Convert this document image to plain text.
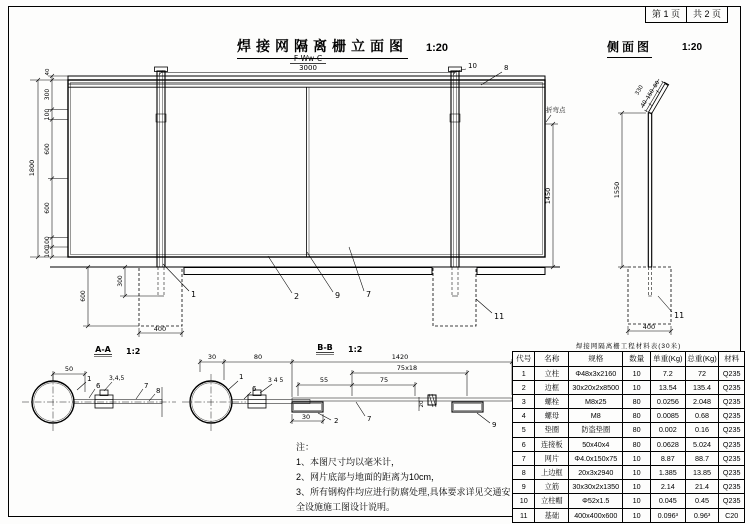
第 1 页	共 2 页
焊接网隔离栅立面图 1:20	侧面图	1:20
F-Ww-C
3000
1800
40
300
100
600
600
100
100
600
300
400
1450
折弯点
10	8
1	2	9	7
11
330
40
150
80
1550
400
11
A-A 1:2
50
1
6
3,4,5
7
8
B-B 1:2
30	80	1420
75x18
55	75
20
30
1
6
3 4 5
2	7
9
注：
1、本图尺寸均以毫米计，
2、网片底部与地面的距离为10cm，
3、所有钢构件均应进行防腐处理,具体要求详见交通安
全设施施工图设计说明。
焊接网隔离栅工程材料表(30米)
代号	名称	规格	数量	单重(Kg)	总重(Kg)	材料
1	立柱	Φ48x3x2160	10	7.2	72	Q235
2	边框	30x20x2x8500	10	13.54	135.4	Q235
3	螺栓	M8x25	80	0.0256	2.048	Q235
4	螺母	M8	80	0.0085	0.68	Q235
5	垫圈	防盗垫圈	80	0.002	0.16	Q235
6	连接板	50x40x4	80	0.0628	5.024	Q235
7	网片	Φ4.0x150x75	10	8.87	88.7	Q235
8	上边框	20x3x2940	10	1.385	13.85	Q235
9	立筋	30x30x2x1350	10	2.14	21.4	Q235
10	立柱帽	Φ52x1.5	10	0.045	0.45	Q235
11	基础	400x400x600	10	0.096³	0.96³	C20
